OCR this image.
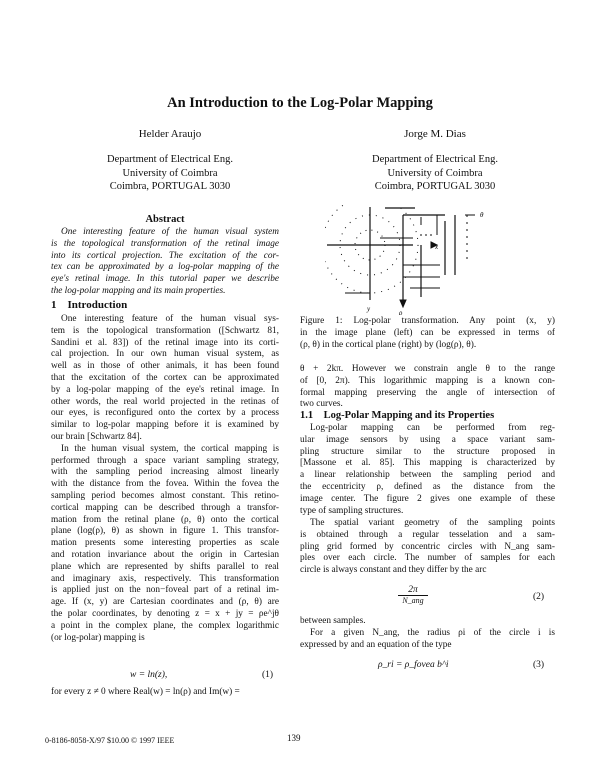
An Introduction to the Log-Polar Mapping
Helder Araujo	Jorge M. Dias
Department of Electrical Eng.
University of Coimbra
Coimbra, PORTUGAL 3030
Department of Electrical Eng.
University of Coimbra
Coimbra, PORTUGAL 3030
Abstract
One interesting feature of the human visual system
is the topological transformation of the retinal image
into its cortical projection. The excitation of the cor-
tex can be approximated by a log-polar mapping of the
eye's retinal image. In this tutorial paper we describe
the log-polar mapping and its main properties.
1 Introduction
One interesting feature of the human visual sys-
tem is the topological transformation ([Schwartz 81,
Sandini et al. 83]) of the retinal image into its corti-
cal projection. In our own human visual system, as
well as in those of other animals, it has been found
that the excitation of the cortex can be approximated
by a log-polar mapping of the eye's retinal image. In
other words, the real world projected in the retinas of
our eyes, is reconfigured onto the cortex by a process
similar to log-polar mapping before it is examined by
our brain [Schwartz 84].
In the human visual system, the cortical mapping is
performed through a space variant sampling strategy,
with the sampling period increasing almost linearly
with the distance from the fovea. Within the fovea the
sampling period becomes almost constant. This retino-
cortical mapping can be described through a transfor-
mation from the retinal plane (ρ, θ) onto the cortical
plane (log(ρ), θ) as shown in figure 1. This transfor-
mation presents some interesting properties as scale
and rotation invariance about the origin in Cartesian
plane which are represented by shifts parallel to real
and imaginary axis, respectively. This transformation
is applied just on the non−foveal part of a retinal im-
age. If (x, y) are Cartesian coordinates and (ρ, θ) are
the polar coordinates, by denoting z = x + jy = ρe^jθ
a point in the complex plane, the complex logarithmic
(or log-polar) mapping is
w = ln(z),	(1)
for every z ≠ 0 where Real(w) = ln(ρ) and Im(w) =
x
y
θ
ρ
Figure 1: Log-polar transformation. Any point (x, y)
in the image plane (left) can be expressed in terms of
(ρ, θ) in the cortical plane (right) by (log(ρ), θ).
θ + 2kπ. However we constrain angle θ to the range
of [0, 2π). This logarithmic mapping is a known con-
formal mapping preserving the angle of intersection of
two curves.
1.1 Log-Polar Mapping and its Properties
Log-polar mapping can be performed from reg-
ular image sensors by using a space variant sam-
pling structure similar to the structure proposed in
[Massone et al. 85]. This mapping is characterized by
a linear relationship between the sampling period and
the eccentricity ρ, defined as the distance from the
image center. The figure 2 gives one example of these
type of sampling structures.
The spatial variant geometry of the sampling points
is obtained through a regular tesselation and a sam-
pling grid formed by concentric circles with N_ang sam-
ples over each circle. The number of samples for each
circle is always constant and they differ by the arc
2π
N_ang	(2)
between samples.
For a given N_ang, the radius ρi of the circle i is
expressed by and an equation of the type
ρ_ri = ρ_fovea b^i	(3)
0-8186-8058-X/97 $10.00 © 1997 IEEE	139
